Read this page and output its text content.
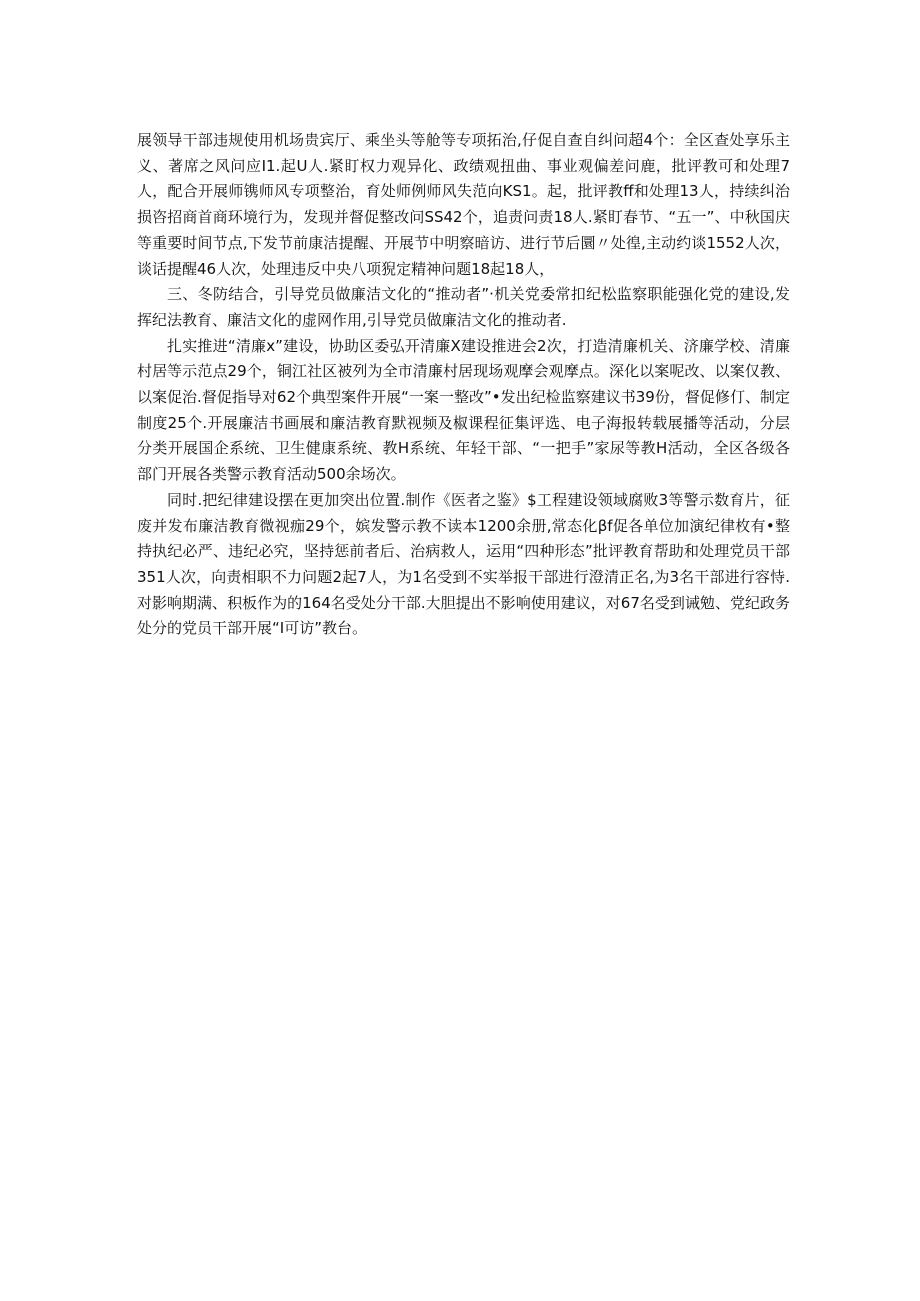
展领导干部违规使用机场贵宾厅、乘坐头等舱等专项拓治,仔促自查自纠问超4个：全区查处享乐主义、著席之风问应I1.起U人.紧盯权力观异化、政绩观扭曲、事业观偏差问鹿，批评教可和处理7人，配合开展师镌师风专项整治，育处师例师风失范向KS1。起，批评教ff和处理13人，持续纠治损咨招商首商环境行为，发现并督促整改问SS42个，追责问责18人.紧盯春节、“五一”、中秋国庆等重要时间节点,下发节前康洁提醒、开展节中明察暗访、进行节后圜〃处徨,主动约谈1552人次，谈话提醒46人次，处理违反中央八项猊定精神问题18起18人，

三、冬防结合，引导党员做廉洁文化的“推动者”·机关党委常扣纪松监察职能强化党的建设,发挥纪法教育、廉洁文化的虚网作用,引导党员做廉洁文化的推动者.

扎实推进“清廉x”建设，协助区委弘开清廉X建设推进会2次，打造清廉机关、济廉学校、清廉村居等示范点29个，铜江社区被列为全市清廉村居现场观摩会观摩点。深化以案呢改、以案仅教、以案促治.督促指导对62个典型案件开展“一案一整改”•发出纪检监察建议书39份，督促修仃、制定制度25个.开展廉洁书画展和廉洁教育默视频及椒课程征集评选、电子海报转载展播等活动，分层分类开展国企系统、卫生健康系统、教H系统、年轻干部、“一把手”家尿等教H活动，全区各级各部门开展各类警示教育活动500余场次。

同时.把纪律建设摆在更加突出位置.制作《医者之鉴》$工程建设领域腐败3等警示数育片，征废并发布廉洁教育微视痂29个，嫔发警示教不读本1200余册,常态化βf促各单位加演纪律枚有•整持执纪必严、违纪必究，坚持惩前者后、治病救人，运用“四种形态”批评教育帮助和处理党员干部351人次，向责相职不力问题2起7人，为1名受到不实举报干部进行澄清正名,为3名干部进行容恃.对影响期满、积板作为的164名受处分干部.大胆提出不影响使用建议，对67名受到诫勉、党纪政务处分的党员干部开展“I可访”教台。
